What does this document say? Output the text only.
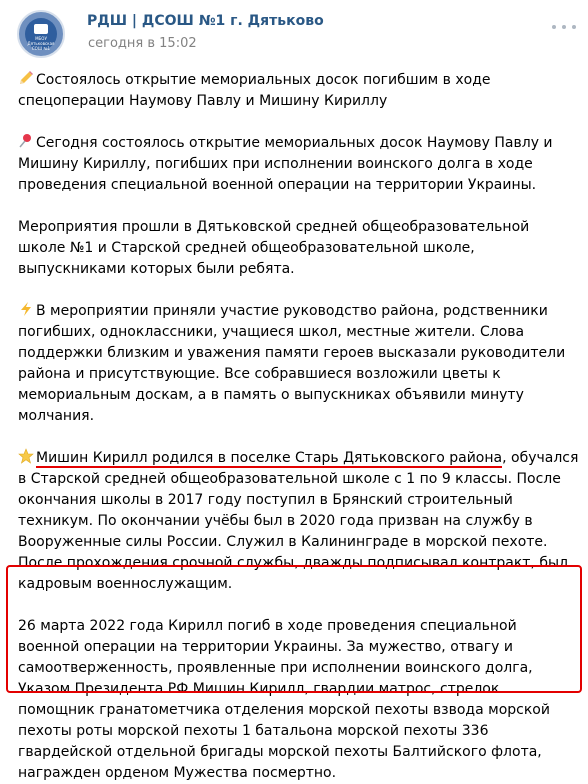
МБОУ Дятьковская СОШ №1
РДШ | ДСОШ №1 г. Дятьково
сегодня в 15:02

Состоялось открытие мемориальных досок погибшим в ходе спецоперации Наумову Павлу и Мишину Кириллу

Сегодня состоялось открытие мемориальных досок Наумову Павлу и Мишину Кириллу, погибших при исполнении воинского долга в ходе проведения специальной военной операции на территории Украины.

Мероприятия прошли в Дятьковской средней общеобразовательной школе №1 и Старской средней общеобразовательной школе, выпускниками которых были ребята.

В мероприятии приняли участие руководство района, родственники погибших, одноклассники, учащиеся школ, местные жители. Слова поддержки близким и уважения памяти героев высказали руководители района и присутствующие. Все собравшиеся возложили цветы к мемориальным доскам, а в память о выпускниках объявили минуту молчания.

Мишин Кирилл родился в поселке Старь Дятьковского района, обучался в Старской средней общеобразовательной школе с 1 по 9 классы. После окончания школы в 2017 году поступил в Брянский строительный техникум. По окончании учёбы был в 2020 года призван на службу в Вооруженные силы России. Служил в Калининграде в морской пехоте. После прохождения срочной службы, дважды подписывал контракт, был кадровым военнослужащим.

26 марта 2022 года Кирилл погиб в ходе проведения специальной военной операции на территории Украины. За мужество, отвагу и самоотверженность, проявленные при исполнении воинского долга, Указом Президента РФ Мишин Кирилл, гвардии матрос, стрелок помощник гранатометчика отделения морской пехоты взвода морской пехоты роты морской пехоты 1 батальона морской пехоты 336 гвардейской отдельной бригады морской пехоты Балтийского флота, награжден орденом Мужества посмертно.
